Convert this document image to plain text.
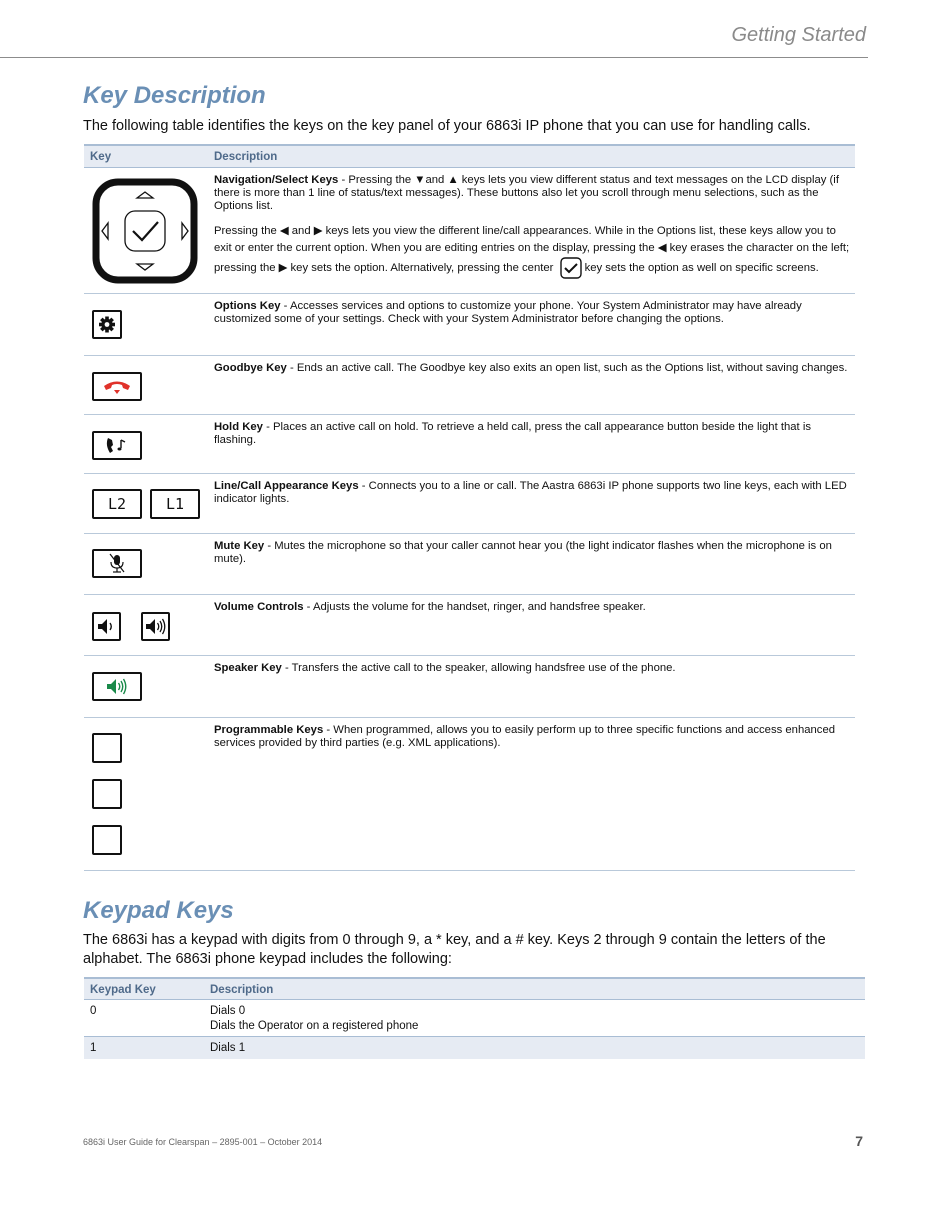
Getting Started
Key Description

The following table identifies the keys on the key panel of your 6863i IP phone that you can use for handling calls.

Key	Description

Navigation/Select Keys - Pressing the ▼and ▲ keys lets you view different status and text messages on the LCD display (if there is more than 1 line of status/text messages). These buttons also let you scroll through menu selections, such as the Options list.

Pressing the ◀ and ▶ keys lets you view the different line/call appearances. While in the Options list, these keys allow you to exit or enter the current option. When you are editing entries on the display, pressing the ◀ key erases the character on the left; pressing the ▶ key sets the option. Alternatively, pressing the center	key sets the option as well on specific screens.

Options Key - Accesses services and options to customize your phone. Your System Administrator may have already customized some of your settings. Check with your System Administrator before changing the options.
Goodbye Key - Ends an active call. The Goodbye key also exits an open list, such as the Options list, without saving changes.
Hold Key - Places an active call on hold. To retrieve a held call, press the call appearance button beside the light that is flashing.
L2	L1
Line/Call Appearance Keys - Connects you to a line or call. The Aastra 6863i IP phone supports two line keys, each with LED indicator lights.
Mute Key - Mutes the microphone so that your caller cannot hear you (the light indicator flashes when the microphone is on mute).
Volume Controls - Adjusts the volume for the handset, ringer, and handsfree speaker.
Speaker Key - Transfers the active call to the speaker, allowing handsfree use of the phone.
Programmable Keys - When programmed, allows you to easily perform up to three specific functions and access enhanced services provided by third parties (e.g. XML applications).
Keypad Keys

The 6863i has a keypad with digits from 0 through 9, a * key, and a # key. Keys 2 through 9 contain the letters of the alphabet. The 6863i phone keypad includes the following:

Keypad Key	Description
0	Dials 0
Dials the Operator on a registered phone
1	Dials 1
6863i User Guide for Clearspan – 2895-001 – October 2014	7
